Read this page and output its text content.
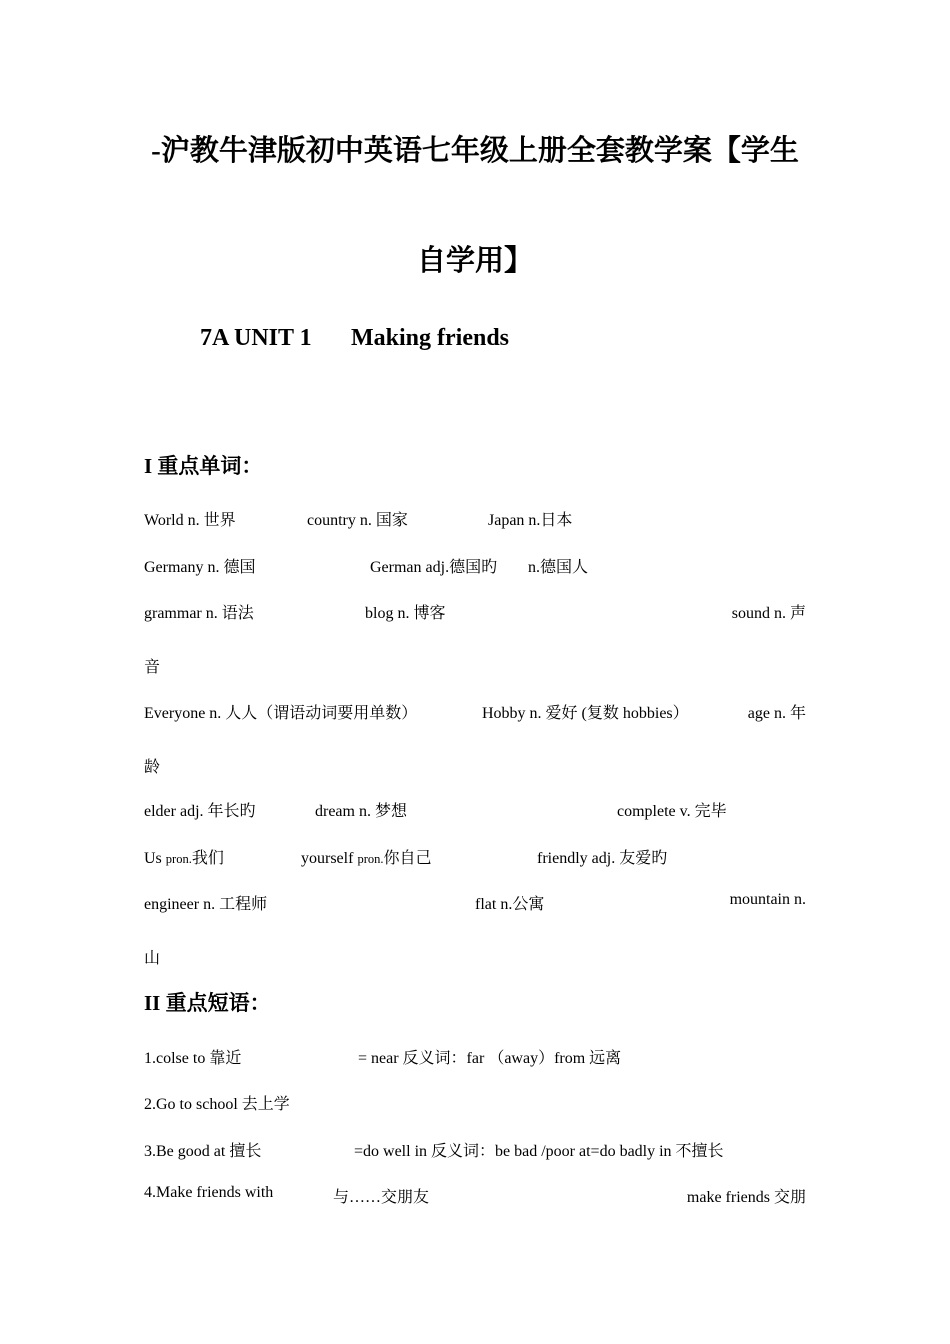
-沪教牛津版初中英语七年级上册全套教学案【学生
自学用】
7A UNIT 1 Making friends
I 重点单词：
World n. 世界	country n. 国家	Japan n.日本
Germany n. 德国	German adj.德国旳 n.德国人
grammar n. 语法	blog n. 博客	sound n. 声
音
Everyone n. 人人（谓语动词要用单数）	Hobby n. 爱好 (复数 hobbies）	age n. 年
龄
elder adj. 年长旳	dream n. 梦想	complete v. 完毕
Us pron.我们	yourself pron.你自己	friendly adj. 友爱旳
engineer n. 工程师	flat n.公寓	mountain n.
山
II 重点短语：
1.colse to 靠近	= near 反义词：far （away）from 远离
2.Go to school 去上学
3.Be good at 擅长	=do well in 反义词：be bad /poor at=do badly in 不擅长
4.Make friends with	与……交朋友	make friends 交朋
